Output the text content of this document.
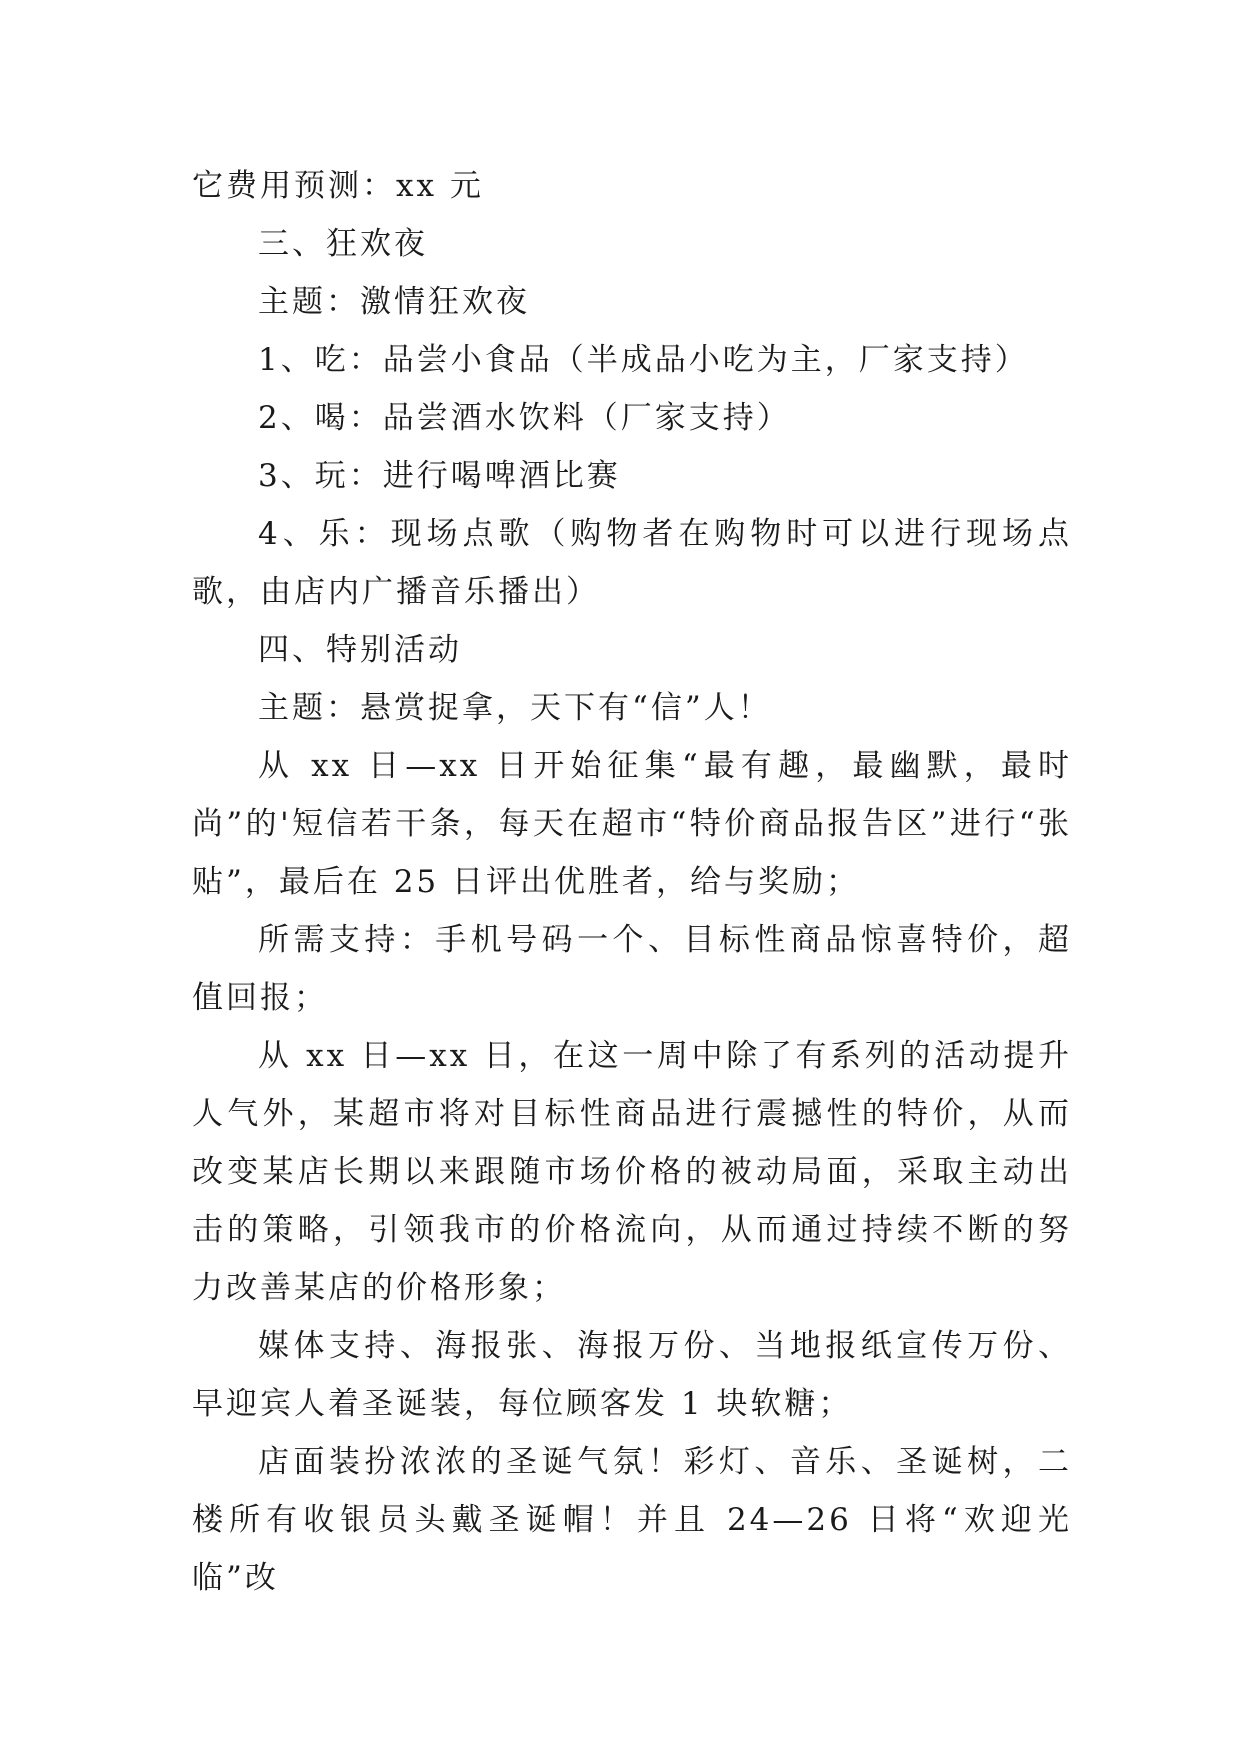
它费用预测：xx 元

三、狂欢夜

主题：激情狂欢夜

1、吃：品尝小食品（半成品小吃为主，厂家支持）

2、喝：品尝酒水饮料（厂家支持）

3、玩：进行喝啤酒比赛

4、乐：现场点歌（购物者在购物时可以进行现场点歌，由店内广播音乐播出）

四、特别活动

主题：悬赏捉拿，天下有“信”人！

从 xx 日—xx 日开始征集“最有趣，最幽默，最时尚”的'短信若干条，每天在超市“特价商品报告区”进行“张贴”，最后在 25 日评出优胜者，给与奖励；

所需支持：手机号码一个、目标性商品惊喜特价，超值回报；

从 xx 日—xx 日，在这一周中除了有系列的活动提升人气外，某超市将对目标性商品进行震撼性的特价，从而改变某店长期以来跟随市场价格的被动局面，采取主动出击的策略，引领我市的价格流向，从而通过持续不断的努力改善某店的价格形象；

媒体支持、海报张、海报万份、当地报纸宣传万份、早迎宾人着圣诞装，每位顾客发 1 块软糖；

店面装扮浓浓的圣诞气氛！彩灯、音乐、圣诞树，二楼所有收银员头戴圣诞帽！并且 24—26 日将“欢迎光临”改
